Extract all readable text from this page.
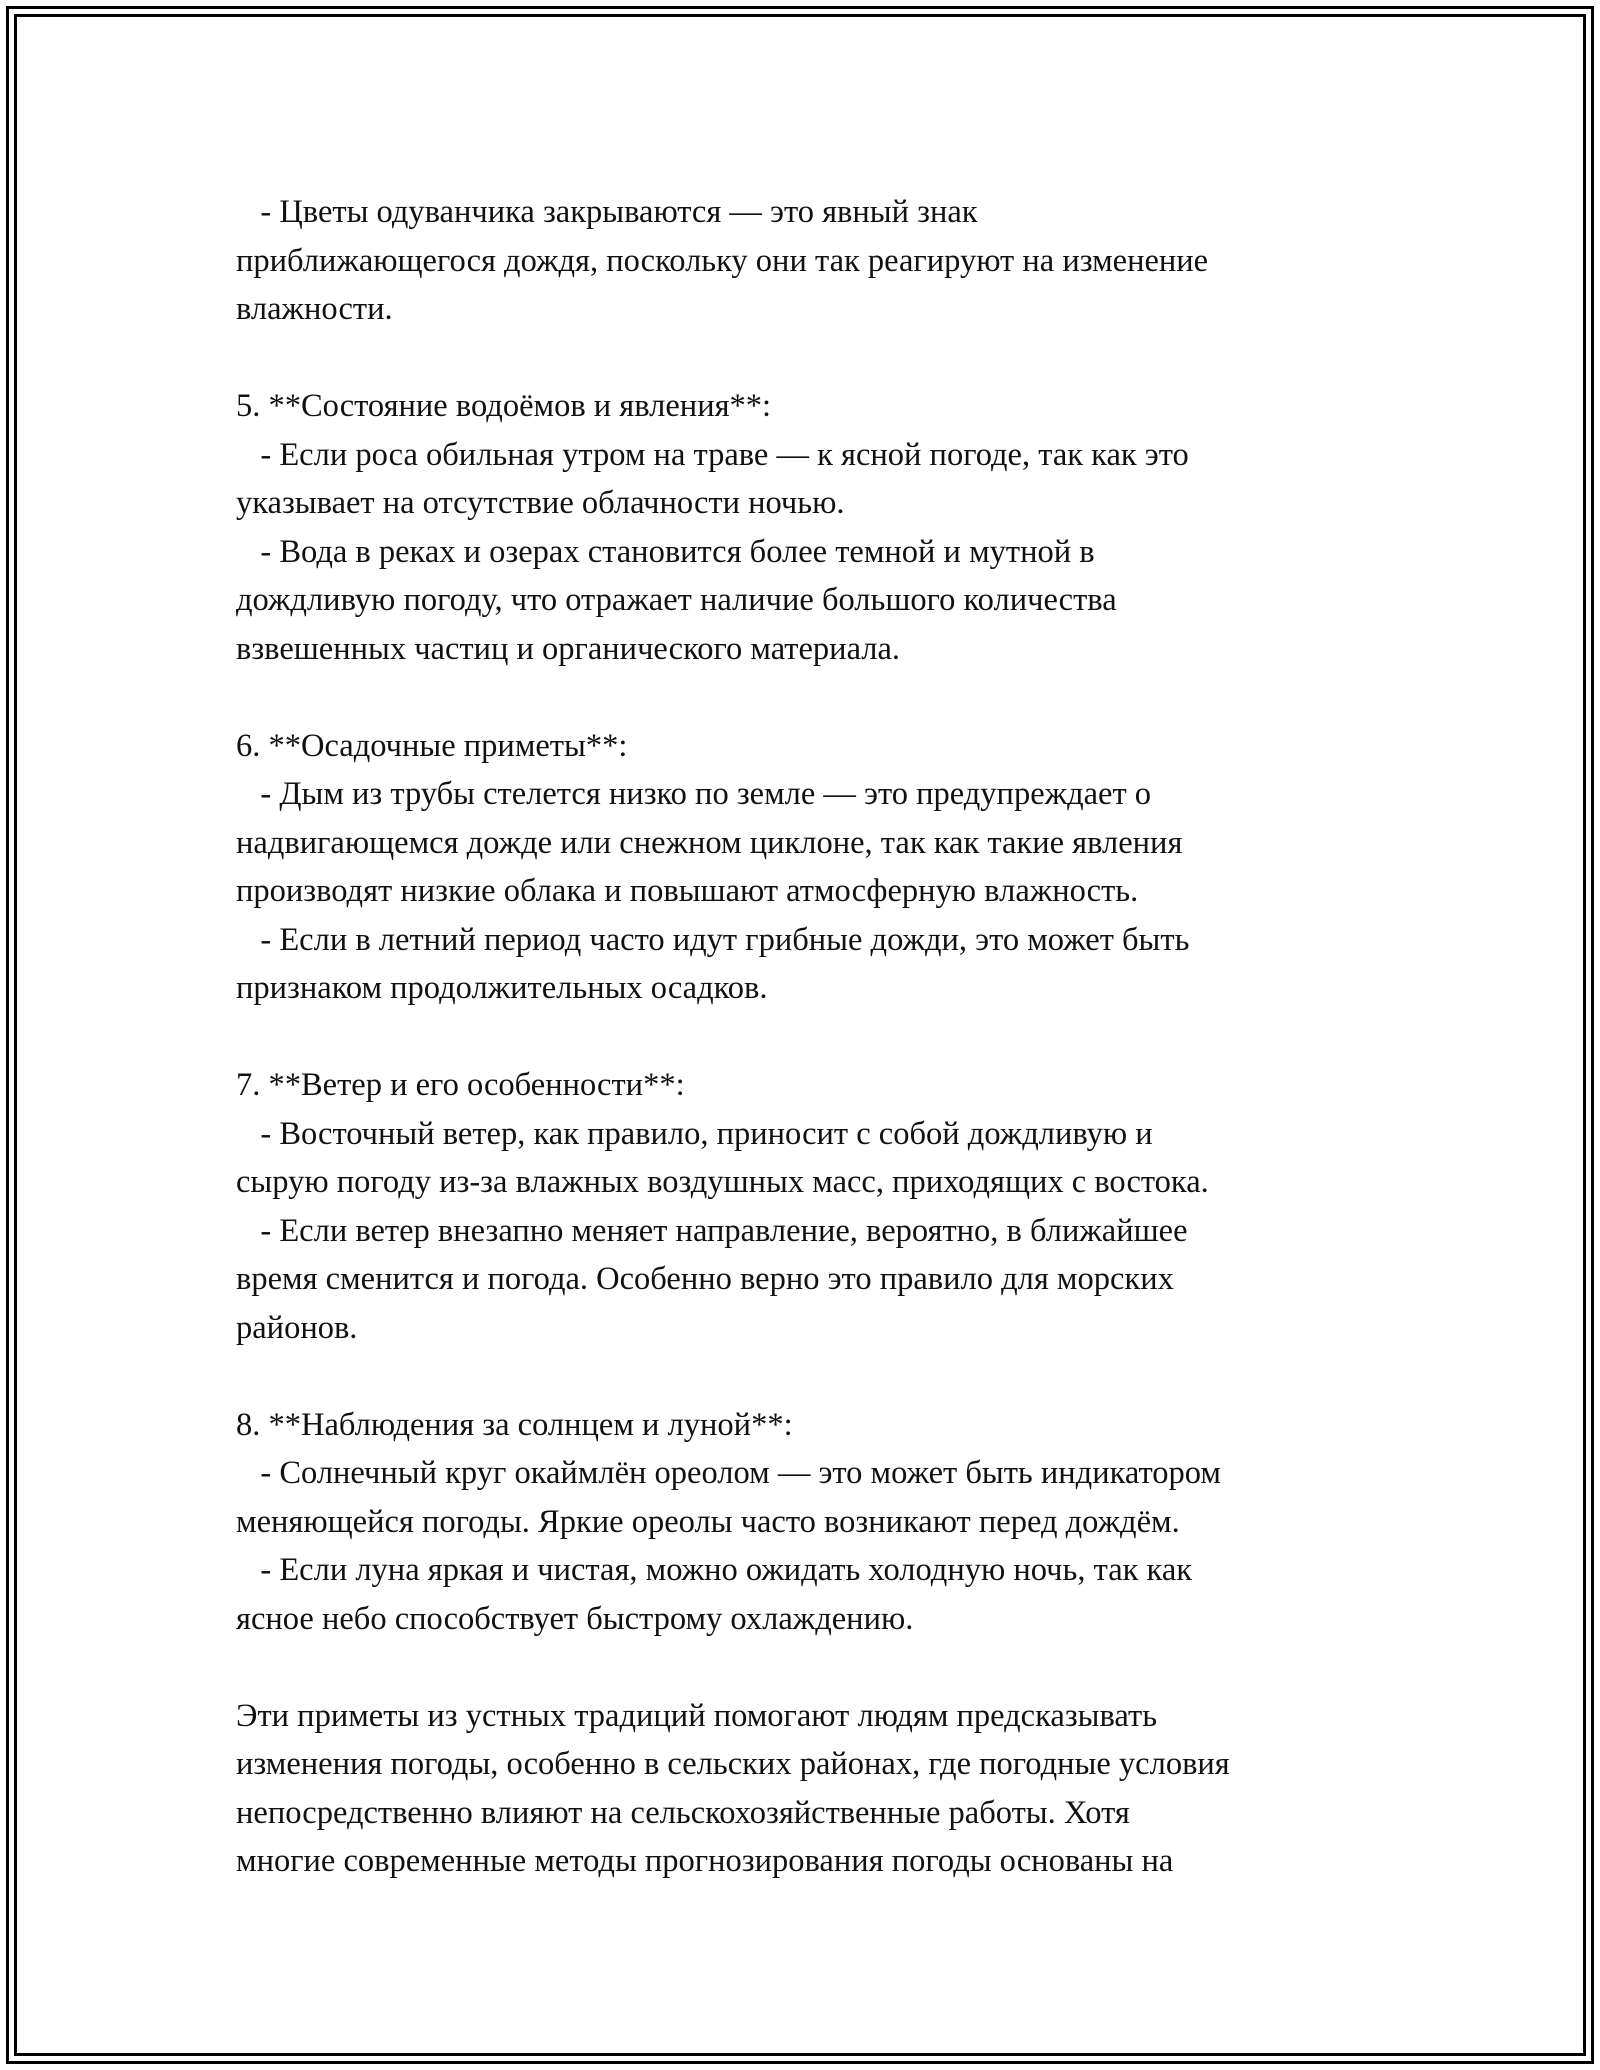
- Цветы одуванчика закрываются — это явный знак
приближающегося дождя, поскольку они так реагируют на изменение
влажности.
5. **Состояние водоёмов и явления**:
- Если роса обильная утром на траве — к ясной погоде, так как это
указывает на отсутствие облачности ночью.
- Вода в реках и озерах становится более темной и мутной в
дождливую погоду, что отражает наличие большого количества
взвешенных частиц и органического материала.
6. **Осадочные приметы**:
- Дым из трубы стелется низко по земле — это предупреждает о
надвигающемся дожде или снежном циклоне, так как такие явления
производят низкие облака и повышают атмосферную влажность.
- Если в летний период часто идут грибные дожди, это может быть
признаком продолжительных осадков.
7. **Ветер и его особенности**:
- Восточный ветер, как правило, приносит с собой дождливую и
сырую погоду из-за влажных воздушных масс, приходящих с востока.
- Если ветер внезапно меняет направление, вероятно, в ближайшее
время сменится и погода. Особенно верно это правило для морских
районов.
8. **Наблюдения за солнцем и луной**:
- Солнечный круг окаймлён ореолом — это может быть индикатором
меняющейся погоды. Яркие ореолы часто возникают перед дождём.
- Если луна яркая и чистая, можно ожидать холодную ночь, так как
ясное небо способствует быстрому охлаждению.
Эти приметы из устных традиций помогают людям предсказывать
изменения погоды, особенно в сельских районах, где погодные условия
непосредственно влияют на сельскохозяйственные работы. Хотя
многие современные методы прогнозирования погоды основаны на
